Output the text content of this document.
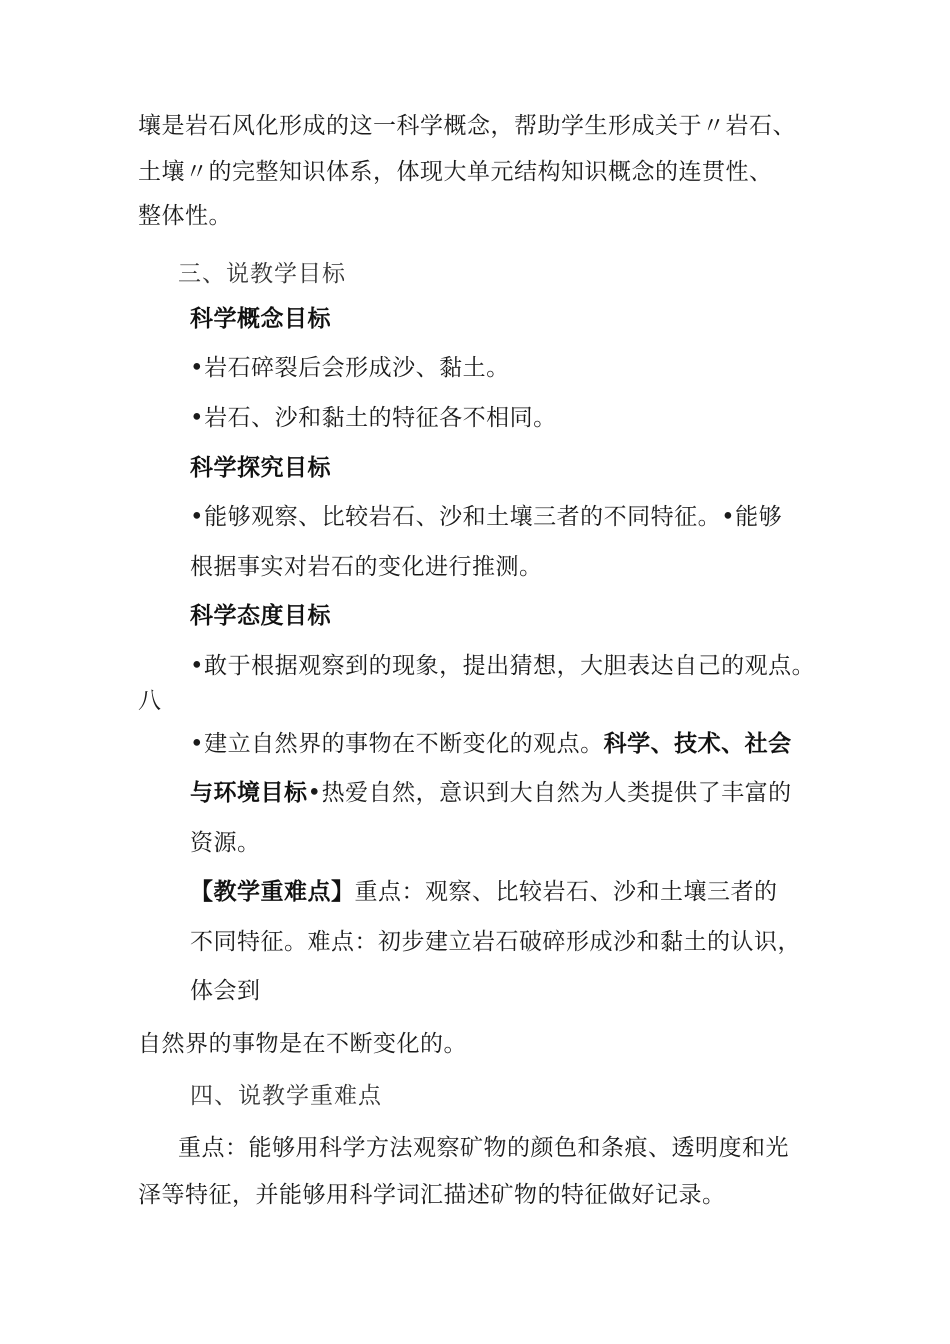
壤是岩石风化形成的这一科学概念，帮助学生形成关于〃岩石、
土壤〃的完整知识体系，体现大单元结构知识概念的连贯性、
整体性。
三、说教学目标
科学概念目标
•岩石碎裂后会形成沙、黏土。
•岩石、沙和黏土的特征各不相同。
科学探究目标
•能够观察、比较岩石、沙和土壤三者的不同特征。•能够
根据事实对岩石的变化进行推测。
科学态度目标
•敢于根据观察到的现象，提出猜想，大胆表达自己的观点。
八
•建立自然界的事物在不断变化的观点。科学、技术、社会
与环境目标•热爱自然，意识到大自然为人类提供了丰富的
资源。
【教学重难点】重点：观察、比较岩石、沙和土壤三者的
不同特征。难点：初步建立岩石破碎形成沙和黏土的认识，
体会到
自然界的事物是在不断变化的。
四、说教学重难点
重点：能够用科学方法观察矿物的颜色和条痕、透明度和光
泽等特征，并能够用科学词汇描述矿物的特征做好记录。
